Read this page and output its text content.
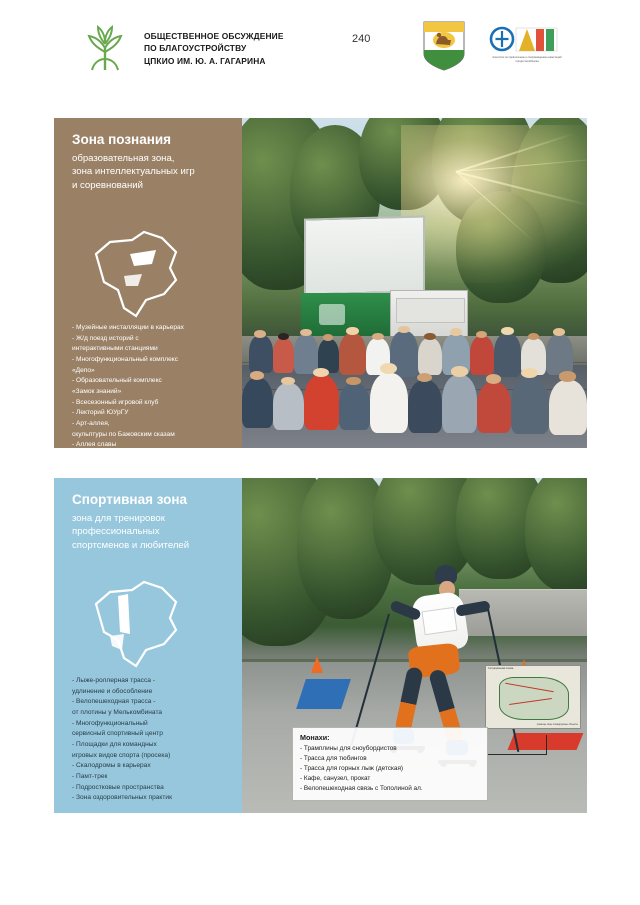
ОБЩЕСТВЕННОЕ ОБСУЖДЕНИЕ
ПО БЛАГОУСТРОЙСТВУ
ЦПКИО ИМ. Ю. А. ГАГАРИНА
240
Агентство по привлечению и сопровождению инвестиций города Челябинска
Зона познания
образовательная зона,
зона интеллектуальных игр
и соревнований
- Музейные инсталляции в карьерах
- Ж/д поезд историй с
интерактивными станциями
- Многофункциональный комплекс
«Депо»
- Образовательный комплекс
«Замок знаний»
- Всесезонный игровой клуб
- Лекторий ЮУрГУ
- Арт-аллея,
скульптуры по Бажовским сказам
- Аллея славы
Спортивная зона
зона для тренировок
профессиональных
спортсменов и любителей
- Лыже-роллерная трасса -
удлинение и обособление
- Велопешеходная трасса -
от плотины у Мелькомбината
- Многофункциональный
сервисный спортивный центр
- Площадки для командных
игровых видов спорта (просека)
- Скалодромы в карьерах
- Памт-трек
- Подростковые пространства
- Зона оздоровительных практик
Ситуационная схема
границы зоны планируемые объекты
Монахи:
- Трамплины для сноубордистов
- Трасса для тюбингов
- Трасса для горных лыж (детская)
- Кафе, санузел, прокат
- Велопешеходная связь с Тополиной ал.
